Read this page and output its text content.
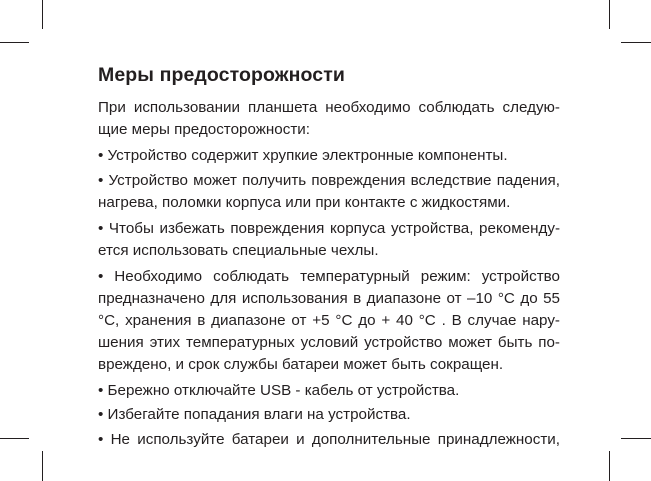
Меры предосторожности
При использовании планшета необходимо соблюдать следую-
щие меры предосторожности:
• Устройство содержит хрупкие электронные компоненты.
• Устройство может получить повреждения вследствие падения,
нагрева, поломки корпуса или при контакте с жидкостями.
• Чтобы избежать повреждения корпуса устройства, рекоменду-
ется использовать специальные чехлы.
• Необходимо соблюдать температурный режим: устройство
предназначено для использования в диапазоне от –10 °C до 55
°C, хранения в диапазоне от +5 °C до + 40 °C . В случае нару-
шения этих температурных условий устройство может быть по-
вреждено, и срок службы батареи может быть сокращен.
• Бережно отключайте USB - кабель от устройства.
• Избегайте попадания влаги на устройства.
• Не используйте батареи и дополнительные принадлежности,
